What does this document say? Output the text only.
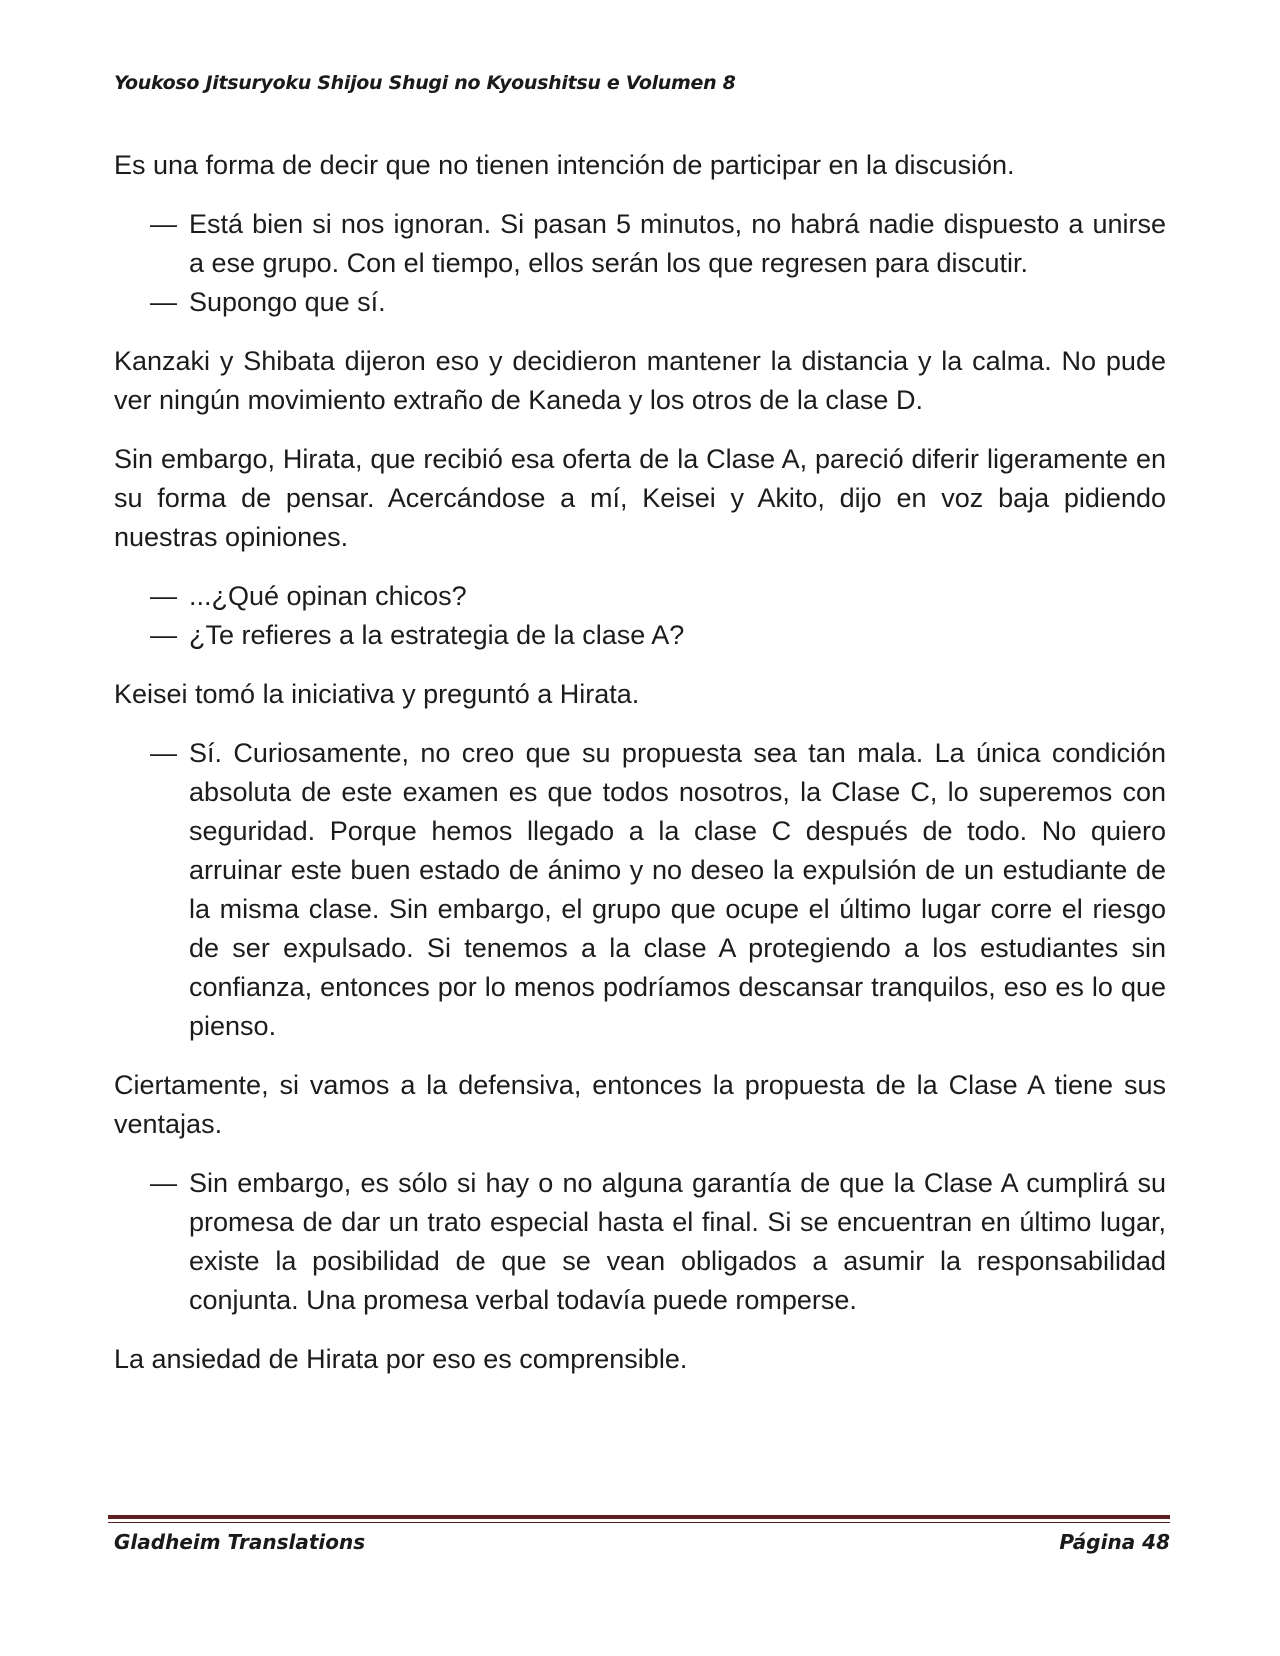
Youkoso Jitsuryoku Shijou Shugi no Kyoushitsu e Volumen 8

Es una forma de decir que no tienen intención de participar en la discusión.

— Está bien si nos ignoran. Si pasan 5 minutos, no habrá nadie dispuesto a unirse a ese grupo. Con el tiempo, ellos serán los que regresen para discutir.

— Supongo que sí.

Kanzaki y Shibata dijeron eso y decidieron mantener la distancia y la calma. No pude ver ningún movimiento extraño de Kaneda y los otros de la clase D.

Sin embargo, Hirata, que recibió esa oferta de la Clase A, pareció diferir ligeramente en su forma de pensar. Acercándose a mí, Keisei y Akito, dijo en voz baja pidiendo nuestras opiniones.

— ...¿Qué opinan chicos?

— ¿Te refieres a la estrategia de la clase A?

Keisei tomó la iniciativa y preguntó a Hirata.

— Sí. Curiosamente, no creo que su propuesta sea tan mala. La única condición absoluta de este examen es que todos nosotros, la Clase C, lo superemos con seguridad. Porque hemos llegado a la clase C después de todo. No quiero arruinar este buen estado de ánimo y no deseo la expulsión de un estudiante de la misma clase. Sin embargo, el grupo que ocupe el último lugar corre el riesgo de ser expulsado. Si tenemos a la clase A protegiendo a los estudiantes sin confianza, entonces por lo menos podríamos descansar tranquilos, eso es lo que pienso.

Ciertamente, si vamos a la defensiva, entonces la propuesta de la Clase A tiene sus ventajas.

— Sin embargo, es sólo si hay o no alguna garantía de que la Clase A cumplirá su promesa de dar un trato especial hasta el final. Si se encuentran en último lugar, existe la posibilidad de que se vean obligados a asumir la responsabilidad conjunta. Una promesa verbal todavía puede romperse.

La ansiedad de Hirata por eso es comprensible.

Gladheim Translations	Página 48
